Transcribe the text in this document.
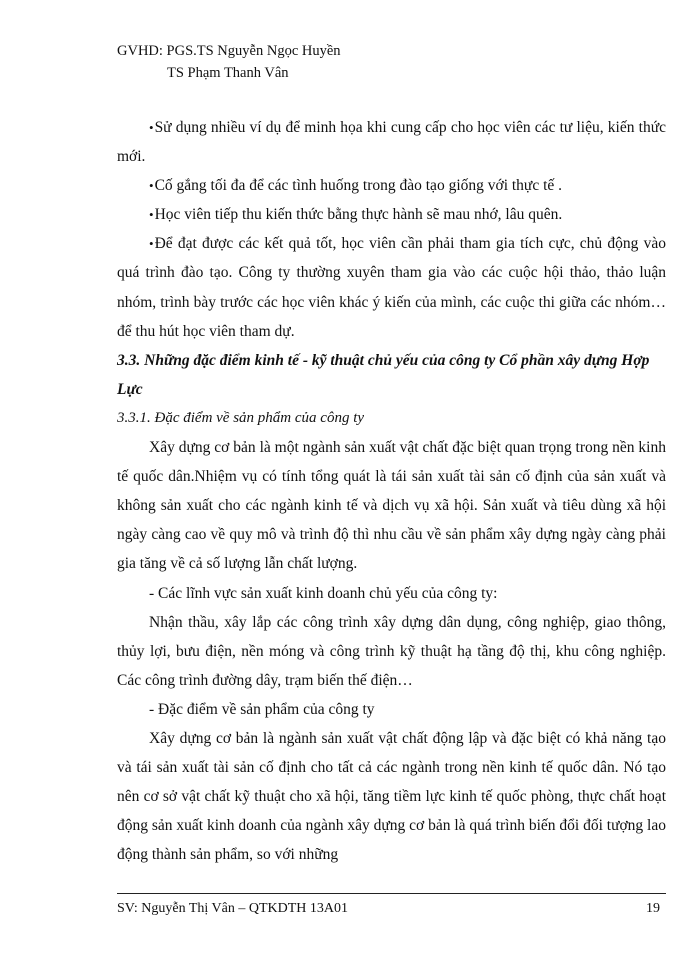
GVHD: PGS.TS Nguyễn Ngọc Huyền
TS Phạm Thanh Vân

• Sử dụng nhiều ví dụ để minh họa khi cung cấp cho học viên các tư liệu, kiến thức mới.

• Cố gắng tối đa để các tình huống trong đào tạo giống với thực tế .

• Học viên tiếp thu kiến thức bằng thực hành sẽ mau nhớ, lâu quên.

• Để đạt được các kết quả tốt, học viên cần phải tham gia tích cực, chủ động vào quá trình đào tạo. Công ty thường xuyên tham gia vào các cuộc hội thảo, thảo luận nhóm, trình bày trước các học viên khác ý kiến của mình, các cuộc thi giữa các nhóm…để thu hút học viên tham dự.

3.3. Những đặc điểm kinh tế - kỹ thuật chủ yếu của công ty Cổ phần xây dựng Hợp Lực

3.3.1. Đặc điểm về sản phẩm của công ty

Xây dựng cơ bản là một ngành sản xuất vật chất đặc biệt quan trọng trong nền kinh tế quốc dân.Nhiệm vụ có tính tổng quát là tái sản xuất tài sản cố định của sản xuất và không sản xuất cho các ngành kinh tế và dịch vụ xã hội. Sản xuất và tiêu dùng xã hội ngày càng cao về quy mô và trình độ thì nhu cầu về sản phẩm xây dựng ngày càng phải gia tăng về cả số lượng lẫn chất lượng.

- Các lĩnh vực sản xuất kinh doanh chủ yếu của công ty:

Nhận thầu, xây lắp các công trình xây dựng dân dụng, công nghiệp, giao thông, thủy lợi, bưu điện, nền móng và công trình kỹ thuật hạ tầng độ thị, khu công nghiệp. Các công trình đường dây, trạm biến thế điện…

- Đặc điểm về sản phẩm của công ty

Xây dựng cơ bản là ngành sản xuất vật chất động lập và đặc biệt có khả năng tạo và tái sản xuất tài sản cố định cho tất cả các ngành trong nền kinh tế quốc dân. Nó tạo nên cơ sở vật chất kỹ thuật cho xã hội, tăng tiềm lực kinh tế quốc phòng, thực chất hoạt động sản xuất kinh doanh của ngành xây dựng cơ bản là quá trình biến đổi đối tượng lao động thành sản phẩm, so với những

SV: Nguyễn Thị Vân – QTKDTH 13A01	19
